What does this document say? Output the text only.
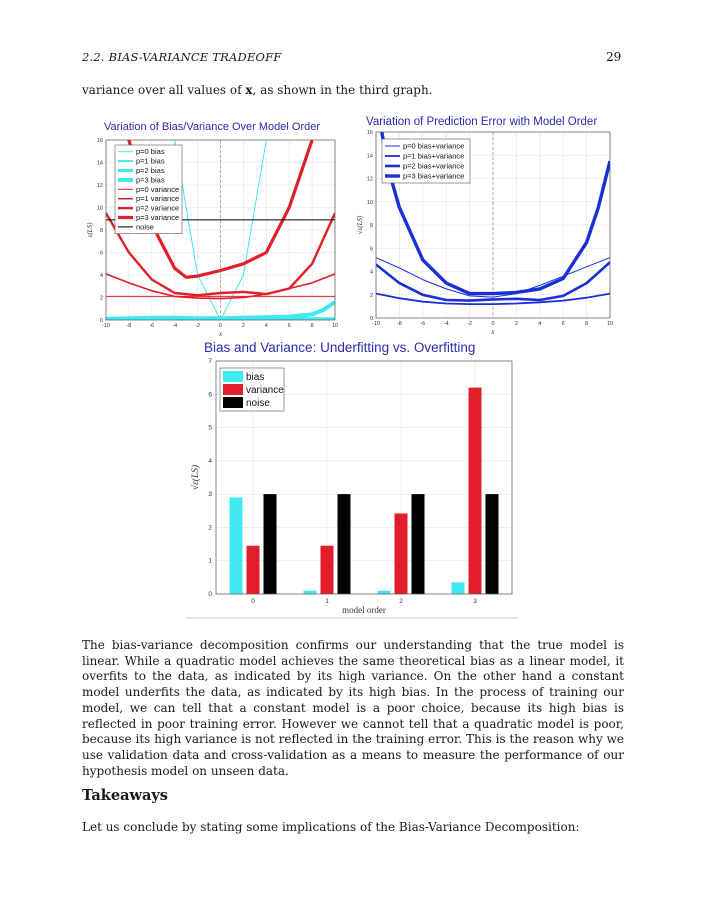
2.2. BIAS-VARIANCE TRADEOFF	29
variance over all values of x, as shown in the third graph.
Variation of Bias/Variance Over Model Order	Variation of Prediction Error with Model Order
Bias and Variance: Underfitting vs. Overfitting
-10	-8	-6	-4	-2	0	2	4	6	8	10
0
2
4
6
8
10
12
14
16
x
ε(LS)
p=0 bias
p=1 bias
p=2 bias
p=3 bias
p=0 variance
p=1 variance
p=2 variance
p=3 variance
noise
-10	-8	-6	-4	-2	0	2	4	6	8	10
0
2
4
6
8
10
12
14
16
x
√ε(LS)
p=0 bias+variance
p=1 bias+variance
p=2 bias+variance
p=3 bias+variance
0
1
2
3
4
5
6
7
0	1	2	3
model order
√ε(LS)
bias
variance
noise
The bias-variance decomposition confirms our understanding that the true model is linear. While a quadratic model achieves the same theoretical bias as a linear model, it overfits to the data, as indicated by its high variance. On the other hand a constant model underfits the data, as indicated by its high bias. In the process of training our model, we can tell that a constant model is a poor choice, because its high bias is reflected in poor training error. However we cannot tell that a quadratic model is poor, because its high variance is not reflected in the training error. This is the reason why we use validation data and cross-validation as a means to measure the performance of our hypothesis model on unseen data.
Takeaways
Let us conclude by stating some implications of the Bias-Variance Decomposition:
